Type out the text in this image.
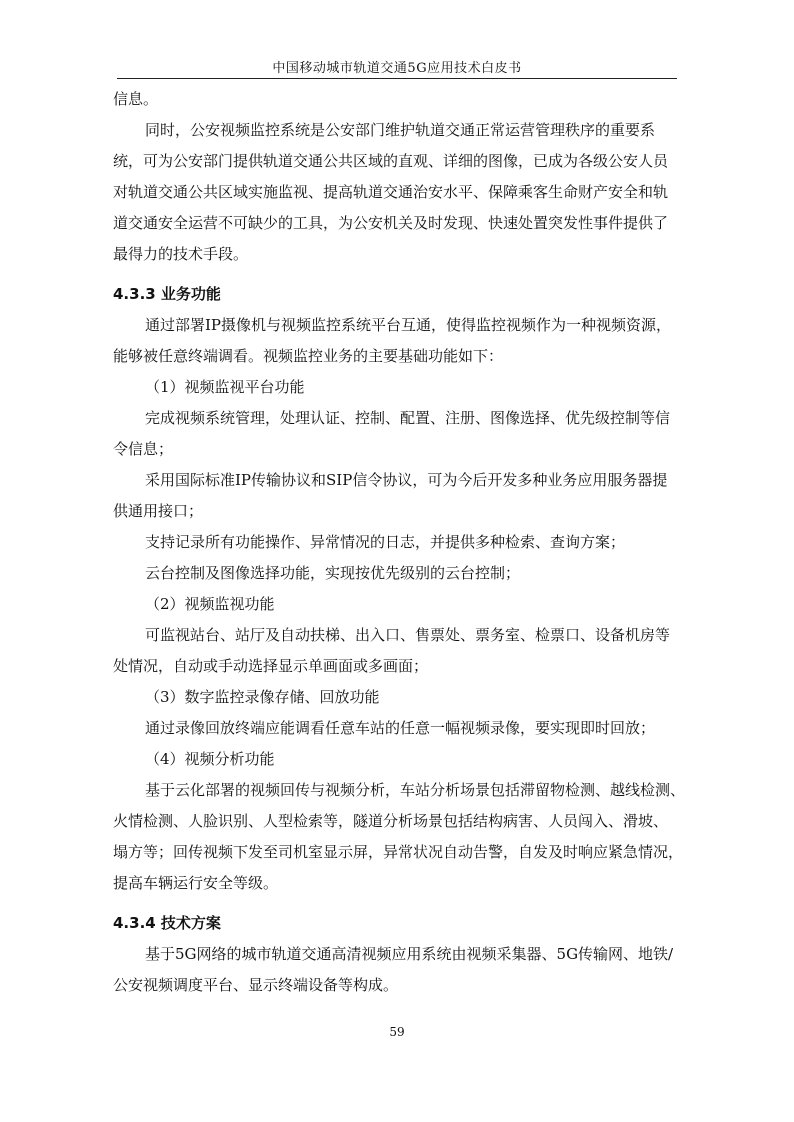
中国移动城市轨道交通5G应用技术白皮书
信息。
同时，公安视频监控系统是公安部门维护轨道交通正常运营管理秩序的重要系
统，可为公安部门提供轨道交通公共区域的直观、详细的图像，已成为各级公安人员
对轨道交通公共区域实施监视、提高轨道交通治安水平、保障乘客生命财产安全和轨
道交通安全运营不可缺少的工具，为公安机关及时发现、快速处置突发性事件提供了
最得力的技术手段。
4.3.3 业务功能
通过部署IP摄像机与视频监控系统平台互通，使得监控视频作为一种视频资源，
能够被任意终端调看。视频监控业务的主要基础功能如下：
（1）视频监视平台功能
完成视频系统管理，处理认证、控制、配置、注册、图像选择、优先级控制等信
令信息；
采用国际标准IP传输协议和SIP信令协议，可为今后开发多种业务应用服务器提
供通用接口；
支持记录所有功能操作、异常情况的日志，并提供多种检索、查询方案；
云台控制及图像选择功能，实现按优先级别的云台控制；
（2）视频监视功能
可监视站台、站厅及自动扶梯、出入口、售票处、票务室、检票口、设备机房等
处情况，自动或手动选择显示单画面或多画面；
（3）数字监控录像存储、回放功能
通过录像回放终端应能调看任意车站的任意一幅视频录像，要实现即时回放；
（4）视频分析功能
基于云化部署的视频回传与视频分析，车站分析场景包括滞留物检测、越线检测、
火情检测、人脸识别、人型检索等，隧道分析场景包括结构病害、人员闯入、滑坡、
塌方等；回传视频下发至司机室显示屏，异常状况自动告警，自发及时响应紧急情况，
提高车辆运行安全等级。
4.3.4 技术方案
基于5G网络的城市轨道交通高清视频应用系统由视频采集器、5G传输网、地铁/
公安视频调度平台、显示终端设备等构成。
59
